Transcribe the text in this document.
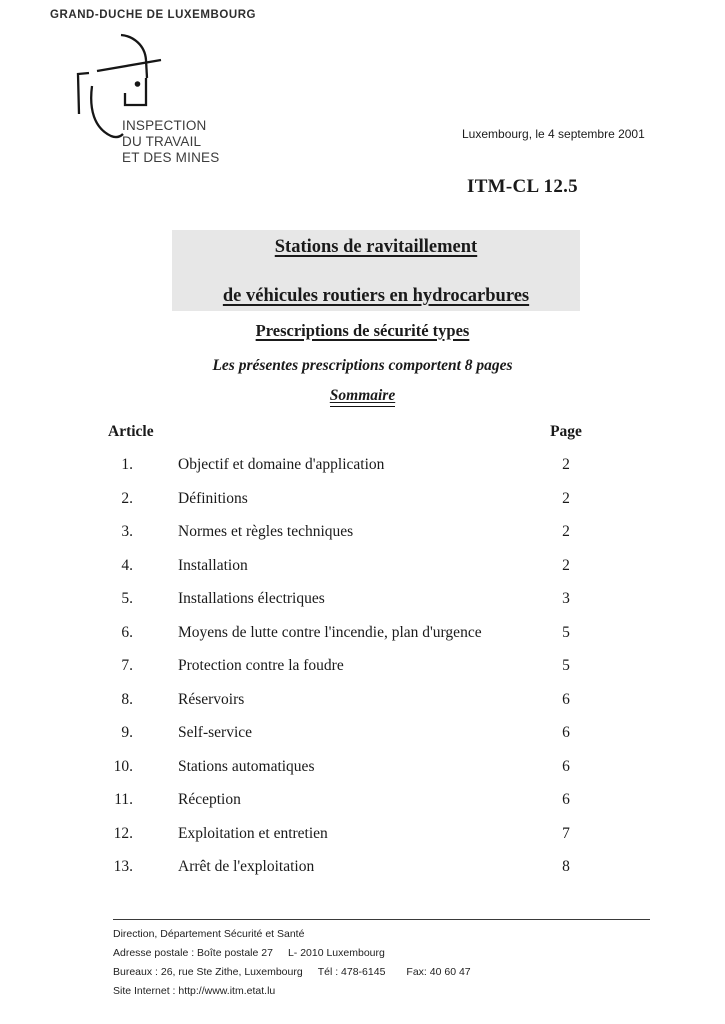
GRAND-DUCHE DE LUXEMBOURG
INSPECTION
DU TRAVAIL
ET DES MINES
Luxembourg, le 4 septembre 2001
ITM-CL 12.5
Stations de ravitaillement
de véhicules routiers en hydrocarbures
Prescriptions de sécurité types
Les présentes prescriptions comportent 8 pages
Sommaire
Article	Page
1.	Objectif et domaine d'application	2
2.	Définitions	2
3.	Normes et règles techniques	2
4.	Installation	2
5.	Installations électriques	3
6.	Moyens de lutte contre l'incendie, plan d'urgence	5
7.	Protection contre la foudre	5
8.	Réservoirs	6
9.	Self-service	6
10.	Stations automatiques	6
11.	Réception	6
12.	Exploitation et entretien	7
13.	Arrêt de l'exploitation	8
Direction, Département Sécurité et Santé
Adresse postale : Boîte postale 27 L- 2010 Luxembourg
Bureaux : 26, rue Ste Zithe, Luxembourg Tél : 478-6145 Fax: 40 60 47
Site Internet : http://www.itm.etat.lu
